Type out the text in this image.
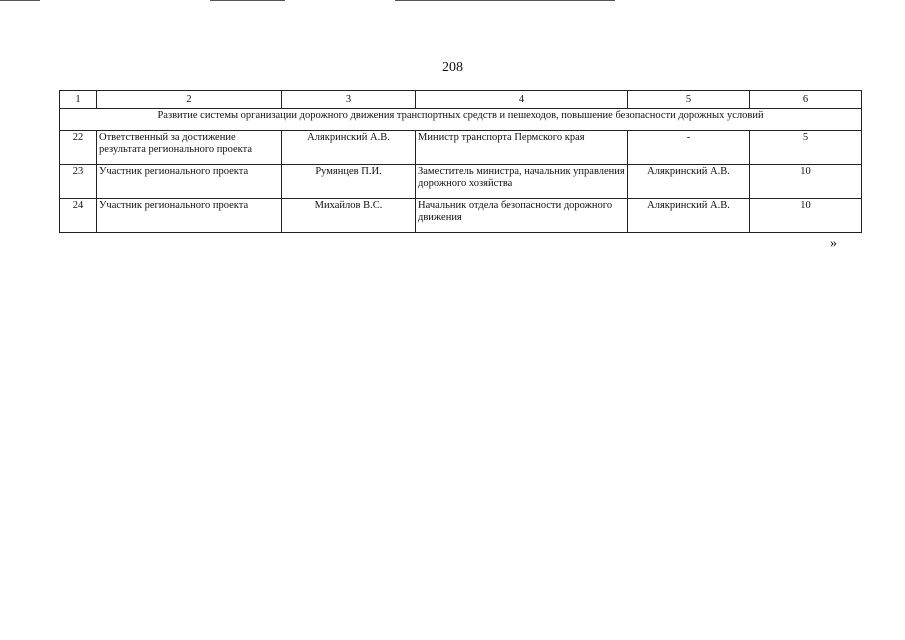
208
1	2	3	4	5	6
Развитие системы организации дорожного движения транспортных средств и пешеходов, повышение безопасности дорожных условий					
22	Ответственный за достижение результата регионального проекта	Алякринский А.В.	Министр транспорта Пермского края	-	5
23	Участник регионального проекта	Румянцев П.И.	Заместитель министра, начальник управления дорожного хозяйства	Алякринский А.В.	10
24	Участник регионального проекта	Михайлов В.С.	Начальник отдела безопасности дорожного движения	Алякринский А.В.	10
»
